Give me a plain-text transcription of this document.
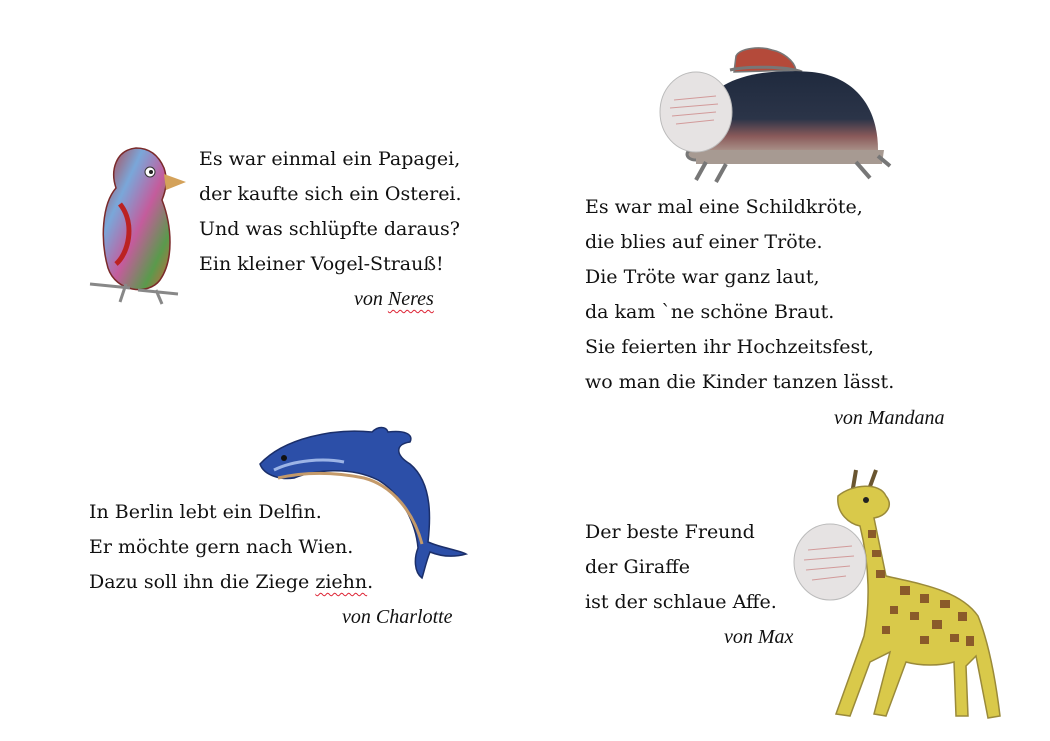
Es war einmal ein Papagei,
der kaufte sich ein Osterei.
Und was schlüpfte daraus?
Ein kleiner Vogel-Strauß!
von Neres
Es war mal eine Schildkröte,
die blies auf einer Tröte.
Die Tröte war ganz laut,
da kam `ne schöne Braut.
Sie feierten ihr Hochzeitsfest,
wo man die Kinder tanzen lässt.
von Mandana
In Berlin lebt ein Delfin.
Er möchte gern nach Wien.
Dazu soll ihn die Ziege ziehn.
von Charlotte
Der beste Freund
der Giraffe
ist der schlaue Affe.
von Max
